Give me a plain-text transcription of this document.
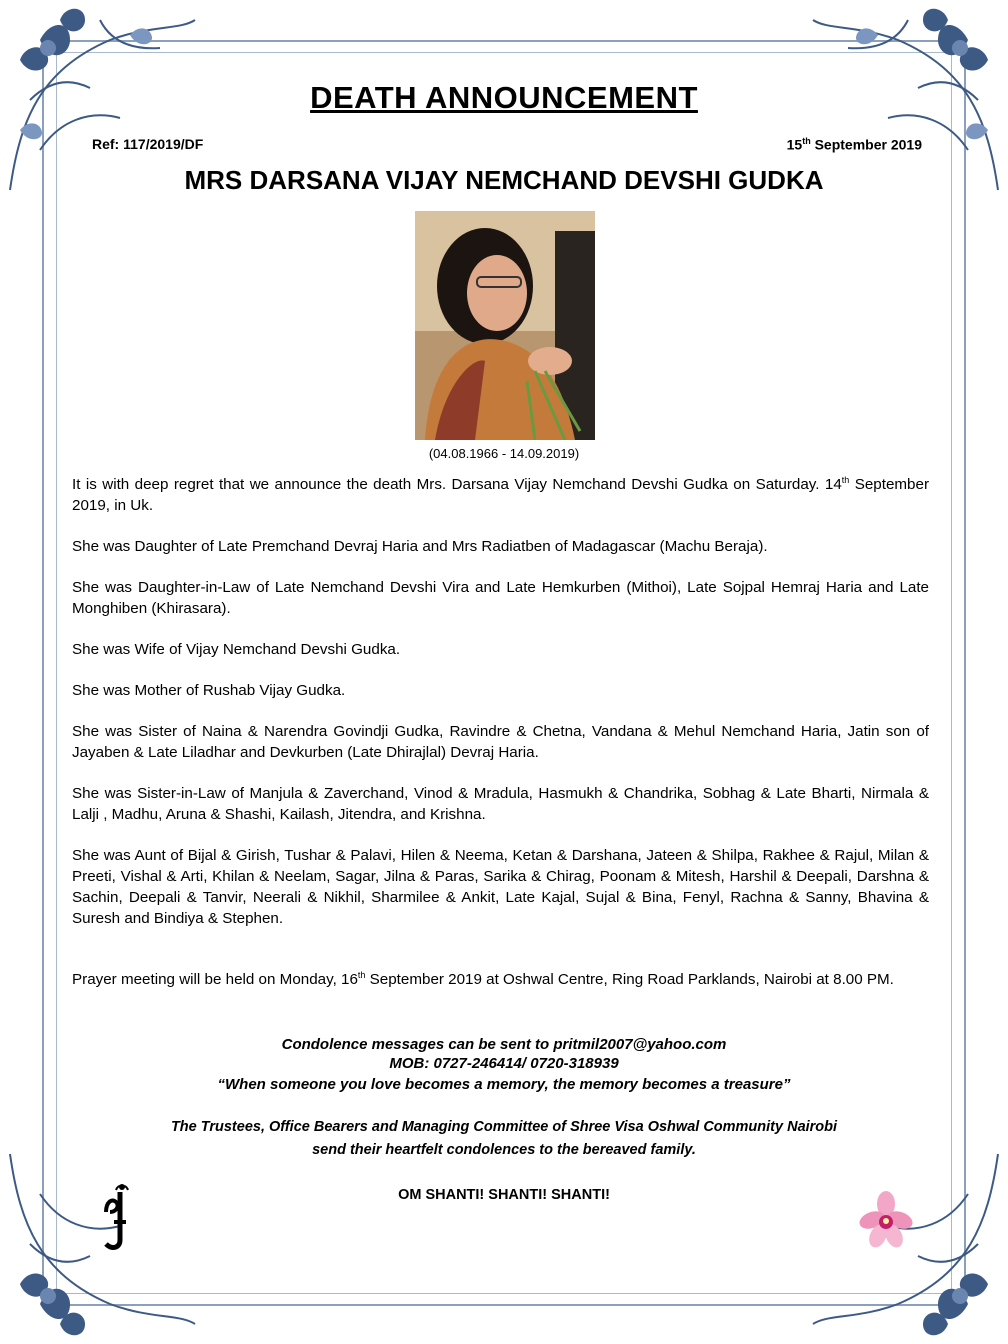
DEATH ANNOUNCEMENT
Ref: 117/2019/DF	15th September 2019
MRS DARSANA VIJAY NEMCHAND DEVSHI GUDKA
(04.08.1966 - 14.09.2019)

It is with deep regret that we announce the death Mrs. Darsana Vijay Nemchand Devshi Gudka on Saturday. 14th September 2019, in Uk.

She was Daughter of Late Premchand Devraj Haria and Mrs Radiatben of Madagascar (Machu Beraja).

She was Daughter-in-Law of Late Nemchand Devshi Vira and Late Hemkurben (Mithoi), Late Sojpal Hemraj Haria and Late Monghiben (Khirasara).

She was Wife of Vijay Nemchand Devshi Gudka.

She was Mother of Rushab Vijay Gudka.

She was Sister of Naina & Narendra Govindji Gudka, Ravindre & Chetna, Vandana & Mehul Nemchand Haria, Jatin son of Jayaben & Late Liladhar and Devkurben (Late Dhirajlal) Devraj Haria.

She was Sister-in-Law of Manjula & Zaverchand, Vinod & Mradula, Hasmukh & Chandrika, Sobhag & Late Bharti, Nirmala & Lalji , Madhu, Aruna & Shashi, Kailash, Jitendra, and Krishna.

She was Aunt of Bijal & Girish, Tushar & Palavi, Hilen & Neema, Ketan & Darshana, Jateen & Shilpa, Rakhee & Rajul, Milan & Preeti, Vishal & Arti, Khilan & Neelam, Sagar, Jilna & Paras, Sarika & Chirag, Poonam & Mitesh, Harshil & Deepali, Darshna & Sachin, Deepali & Tanvir, Neerali & Nikhil, Sharmilee & Ankit, Late Kajal, Sujal & Bina, Fenyl, Rachna & Sanny, Bhavina & Suresh and Bindiya & Stephen.

Prayer meeting will be held on Monday, 16th September 2019 at Oshwal Centre, Ring Road Parklands, Nairobi at 8.00 PM.

Condolence messages can be sent to pritmil2007@yahoo.com
MOB: 0727-246414/ 0720-318939
“When someone you love becomes a memory, the memory becomes a treasure”
The Trustees, Office Bearers and Managing Committee of Shree Visa Oshwal Community Nairobi
send their heartfelt condolences to the bereaved family.
OM SHANTI! SHANTI! SHANTI!
